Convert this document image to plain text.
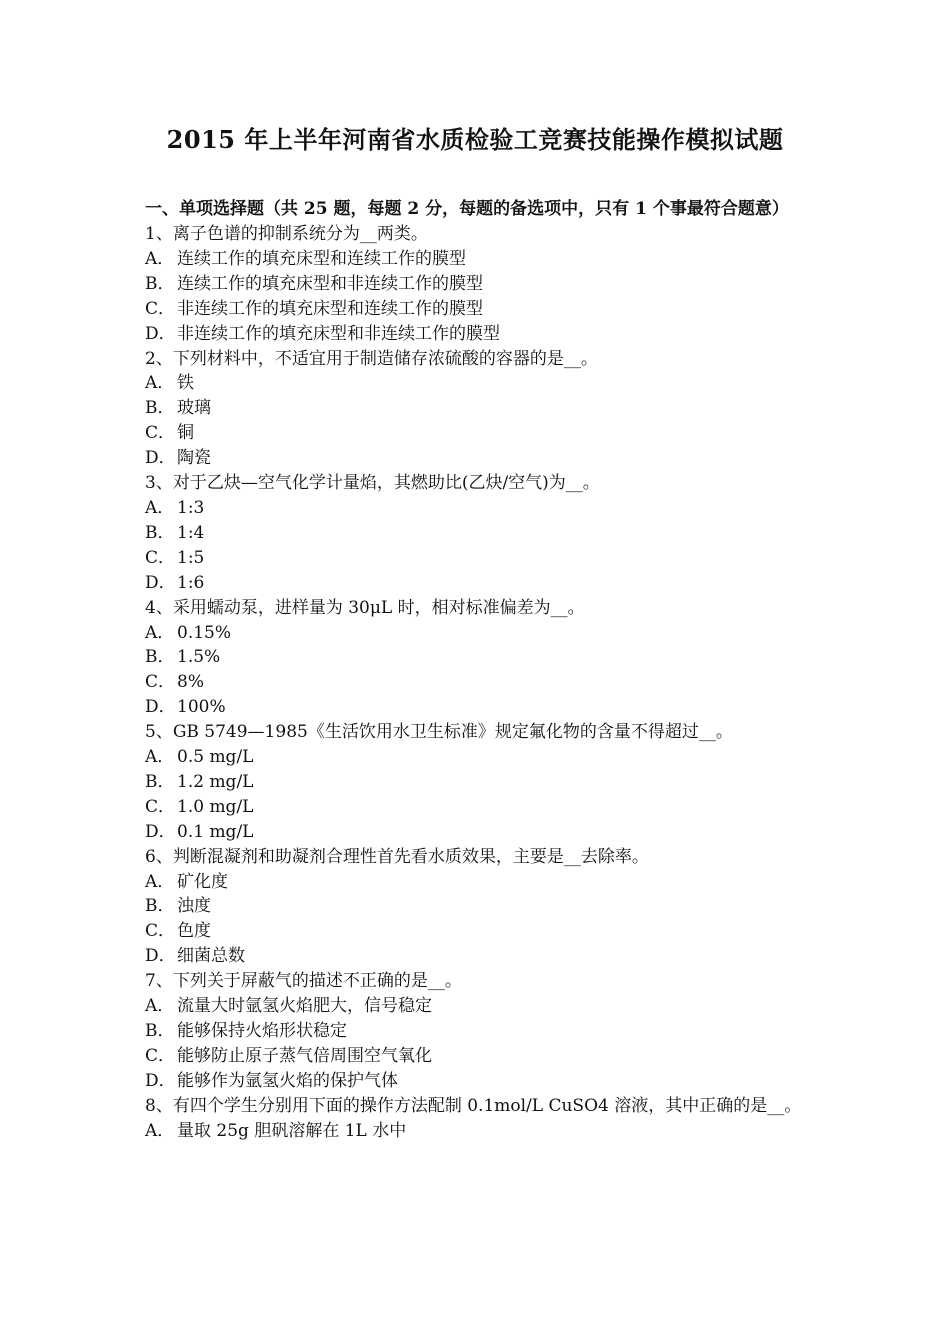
2015 年上半年河南省水质检验工竞赛技能操作模拟试题
一、单项选择题（共 25 题，每题 2 分，每题的备选项中，只有 1 个事最符合题意）
1、离子色谱的抑制系统分为__两类。
A． 连续工作的填充床型和连续工作的膜型
B． 连续工作的填充床型和非连续工作的膜型
C． 非连续工作的填充床型和连续工作的膜型
D．非连续工作的填充床型和非连续工作的膜型
2、下列材料中，不适宜用于制造储存浓硫酸的容器的是__。
A． 铁
B． 玻璃
C． 铜
D．陶瓷
3、对于乙炔—空气化学计量焰，其燃助比(乙炔/空气)为__。
A． 1:3
B． 1:4
C． 1:5
D．1:6
4、采用蠕动泵，进样量为 30μL 时，相对标准偏差为__。
A． 0.15%
B． 1.5%
C． 8%
D．100%
5、GB 5749—1985《生活饮用水卫生标准》规定氟化物的含量不得超过__。
A． 0.5 mg/L
B． 1.2 mg/L
C． 1.0 mg/L
D．0.1 mg/L
6、判断混凝剂和助凝剂合理性首先看水质效果，主要是__去除率。
A． 矿化度
B． 浊度
C． 色度
D．细菌总数
7、下列关于屏蔽气的描述不正确的是__。
A． 流量大时氩氢火焰肥大，信号稳定
B． 能够保持火焰形状稳定
C． 能够防止原子蒸气倍周围空气氧化
D．能够作为氩氢火焰的保护气体
8、有四个学生分别用下面的操作方法配制 0.1mol/L CuSO4 溶液，其中正确的是__。
A． 量取 25g 胆矾溶解在 1L 水中
